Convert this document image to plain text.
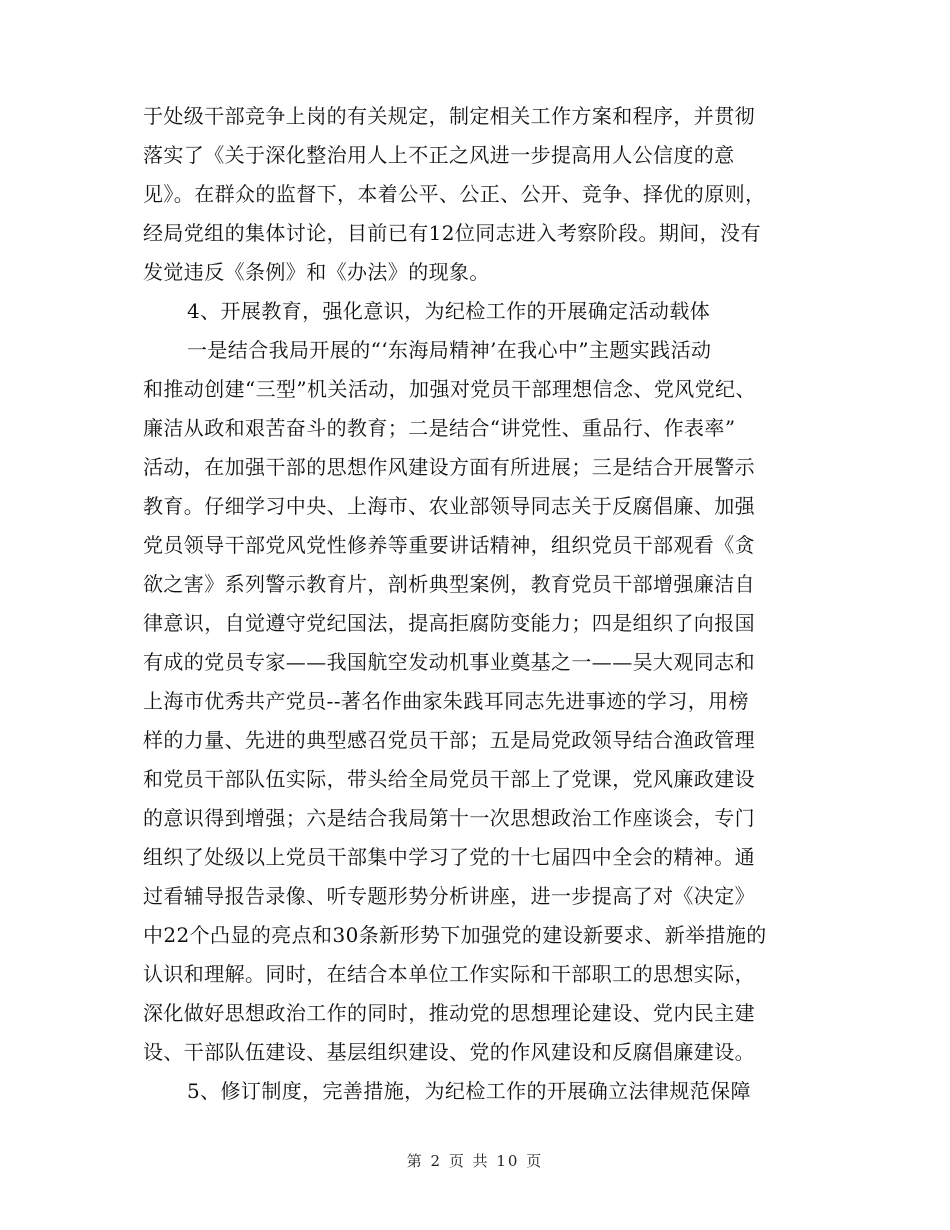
于处级干部竞争上岗的有关规定，制定相关工作方案和程序，并贯彻
落实了《关于深化整治用人上不正之风进一步提高用人公信度的意
见》。在群众的监督下，本着公平、公正、公开、竞争、择优的原则，
经局党组的集体讨论，目前已有12位同志进入考察阶段。期间，没有
发觉违反《条例》和《办法》的现象。
4、开展教育，强化意识，为纪检工作的开展确定活动载体
一是结合我局开展的“‘东海局精神’在我心中”主题实践活动
和推动创建“三型”机关活动，加强对党员干部理想信念、党风党纪、
廉洁从政和艰苦奋斗的教育；二是结合“讲党性、重品行、作表率”
活动，在加强干部的思想作风建设方面有所进展；三是结合开展警示
教育。仔细学习中央、上海市、农业部领导同志关于反腐倡廉、加强
党员领导干部党风党性修养等重要讲话精神，组织党员干部观看《贪
欲之害》系列警示教育片，剖析典型案例，教育党员干部增强廉洁自
律意识，自觉遵守党纪国法，提高拒腐防变能力；四是组织了向报国
有成的党员专家——我国航空发动机事业奠基之一——吴大观同志和
上海市优秀共产党员--著名作曲家朱践耳同志先进事迹的学习，用榜
样的力量、先进的典型感召党员干部；五是局党政领导结合渔政管理
和党员干部队伍实际，带头给全局党员干部上了党课，党风廉政建设
的意识得到增强；六是结合我局第十一次思想政治工作座谈会，专门
组织了处级以上党员干部集中学习了党的十七届四中全会的精神。通
过看辅导报告录像、听专题形势分析讲座，进一步提高了对《决定》
中22个凸显的亮点和30条新形势下加强党的建设新要求、新举措施的
认识和理解。同时，在结合本单位工作实际和干部职工的思想实际，
深化做好思想政治工作的同时，推动党的思想理论建设、党内民主建
设、干部队伍建设、基层组织建设、党的作风建设和反腐倡廉建设。
5、修订制度，完善措施，为纪检工作的开展确立法律规范保障
第 2 页 共 10 页
